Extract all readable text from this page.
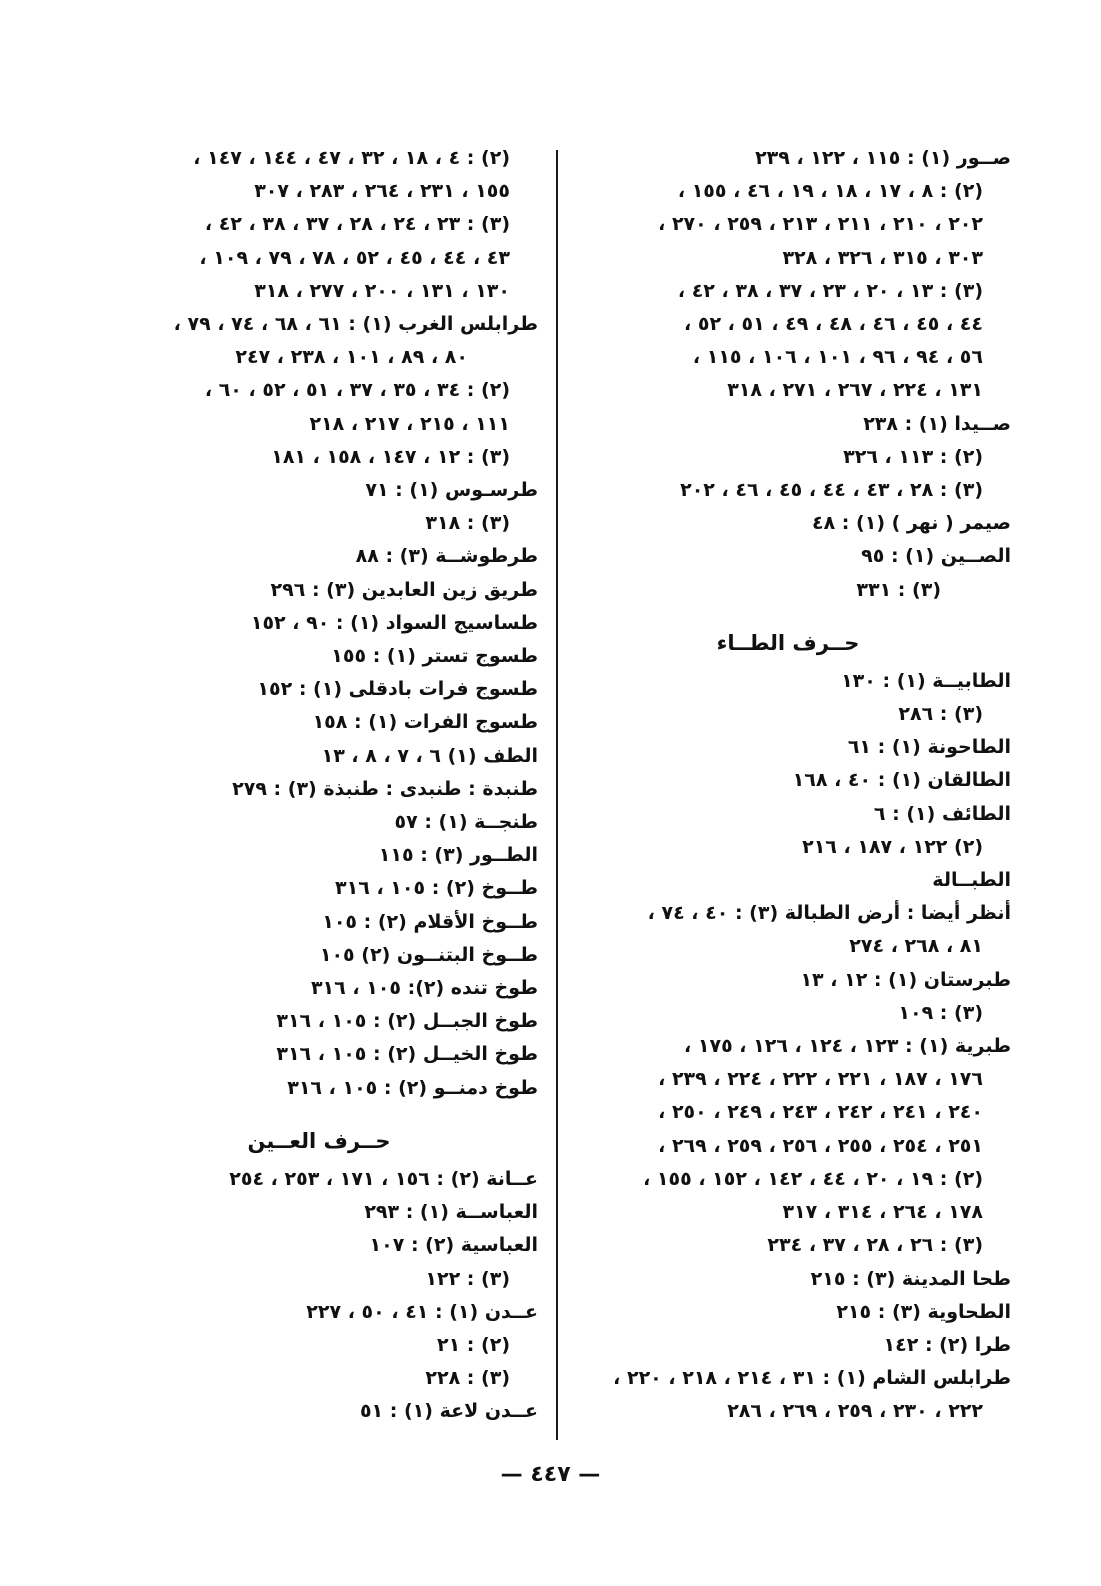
صــور (١) : ١١٥ ، ١٢٢ ، ٢٣٩
(٢) : ٨ ، ١٧ ، ١٨ ، ١٩ ، ٤٦ ، ١٥٥ ،
٢٠٢ ، ٢١٠ ، ٢١١ ، ٢١٣ ، ٢٥٩ ، ٢٧٠ ،
٣٠٣ ، ٣١٥ ، ٣٢٦ ، ٣٢٨
(٣) : ١٣ ، ٢٠ ، ٢٣ ، ٣٧ ، ٣٨ ، ٤٢ ،
٤٤ ، ٤٥ ، ٤٦ ، ٤٨ ، ٤٩ ، ٥١ ، ٥٢ ،
٥٦ ، ٩٤ ، ٩٦ ، ١٠١ ، ١٠٦ ، ١١٥ ،
١٣١ ، ٢٢٤ ، ٢٦٧ ، ٢٧١ ، ٣١٨
صــيدا (١) : ٢٣٨
(٢) : ١١٣ ، ٣٢٦
(٣) : ٢٨ ، ٤٣ ، ٤٤ ، ٤٥ ، ٤٦ ، ٢٠٢
صيمر ( نهر ) (١) : ٤٨
الصــين (١) : ٩٥
(٣) : ٣٣١
حــرف الطــاء
الطابيــة (١) : ١٣٠
(٣) : ٢٨٦
الطاحونة (١) : ٦١
الطالقان (١) : ٤٠ ، ١٦٨
الطائف (١) : ٦
(٢) ١٢٢ ، ١٨٧ ، ٢١٦
الطبــالة
أنظر أيضا : أرض الطبالة (٣) : ٤٠ ، ٧٤ ،
٨١ ، ٢٦٨ ، ٢٧٤
طبرستان (١) : ١٢ ، ١٣
(٣) : ١٠٩
طبرية (١) : ١٢٣ ، ١٢٤ ، ١٢٦ ، ١٧٥ ،
١٧٦ ، ١٨٧ ، ٢٢١ ، ٢٢٢ ، ٢٢٤ ، ٢٣٩ ،
٢٤٠ ، ٢٤١ ، ٢٤٢ ، ٢٤٣ ، ٢٤٩ ، ٢٥٠ ،
٢٥١ ، ٢٥٤ ، ٢٥٥ ، ٢٥٦ ، ٢٥٩ ، ٢٦٩ ،
(٢) : ١٩ ، ٢٠ ، ٤٤ ، ١٤٢ ، ١٥٢ ، ١٥٥ ،
١٧٨ ، ٢٦٤ ، ٣١٤ ، ٣١٧
(٣) : ٢٦ ، ٢٨ ، ٣٧ ، ٢٣٤
طحا المدينة (٣) : ٢١٥
الطحاوية (٣) : ٢١٥
طرا (٢) : ١٤٢
طرابلس الشام (١) : ٣١ ، ٢١٤ ، ٢١٨ ، ٢٢٠ ،
٢٢٢ ، ٢٣٠ ، ٢٥٩ ، ٢٦٩ ، ٢٨٦
(٢) : ٤ ، ١٨ ، ٣٢ ، ٤٧ ، ١٤٤ ، ١٤٧ ،
١٥٥ ، ٢٣١ ، ٢٦٤ ، ٢٨٣ ، ٣٠٧
(٣) : ٢٣ ، ٢٤ ، ٢٨ ، ٣٧ ، ٣٨ ، ٤٢ ،
٤٣ ، ٤٤ ، ٤٥ ، ٥٢ ، ٧٨ ، ٧٩ ، ١٠٩ ،
١٣٠ ، ١٣١ ، ٢٠٠ ، ٢٧٧ ، ٣١٨
طرابلس الغرب (١) : ٦١ ، ٦٨ ، ٧٤ ، ٧٩ ،
٨٠ ، ٨٩ ، ١٠١ ، ٢٣٨ ، ٢٤٧
(٢) : ٣٤ ، ٣٥ ، ٣٧ ، ٥١ ، ٥٢ ، ٦٠ ،
١١١ ، ٢١٥ ، ٢١٧ ، ٢١٨
(٣) : ١٢ ، ١٤٧ ، ١٥٨ ، ١٨١
طرسـوس (١) : ٧١
(٣) : ٣١٨
طرطوشــة (٣) : ٨٨
طريق زين العابدين (٣) : ٢٩٦
طساسيج السواد (١) : ٩٠ ، ١٥٢
طسوج تستر (١) : ١٥٥
طسوج فرات بادقلى (١) : ١٥٢
طسوج الفرات (١) : ١٥٨
الطف (١) ٦ ، ٧ ، ٨ ، ١٣
طنبدة : طنبدى : طنبذة (٣) : ٢٧٩
طنجــة (١) : ٥٧
الطــور (٣) : ١١٥
طــوخ (٢) : ١٠٥ ، ٣١٦
طــوخ الأقلام (٢) : ١٠٥
طــوخ البتنــون (٢) ١٠٥
طوخ تنده (٢): ١٠٥ ، ٣١٦
طوخ الجبــل (٢) : ١٠٥ ، ٣١٦
طوخ الخيــل (٢) : ١٠٥ ، ٣١٦
طوخ دمنــو (٢) : ١٠٥ ، ٣١٦
حــرف العــين
عــانة (٢) : ١٥٦ ، ١٧١ ، ٢٥٣ ، ٢٥٤
العباســة (١) : ٢٩٣
العباسية (٢) : ١٠٧
(٣) : ١٢٢
عــدن (١) : ٤١ ، ٥٠ ، ٢٢٧
(٢) : ٢١
(٣) : ٢٢٨
عــدن لاعة (١) : ٥١
— ٤٤٧ —
